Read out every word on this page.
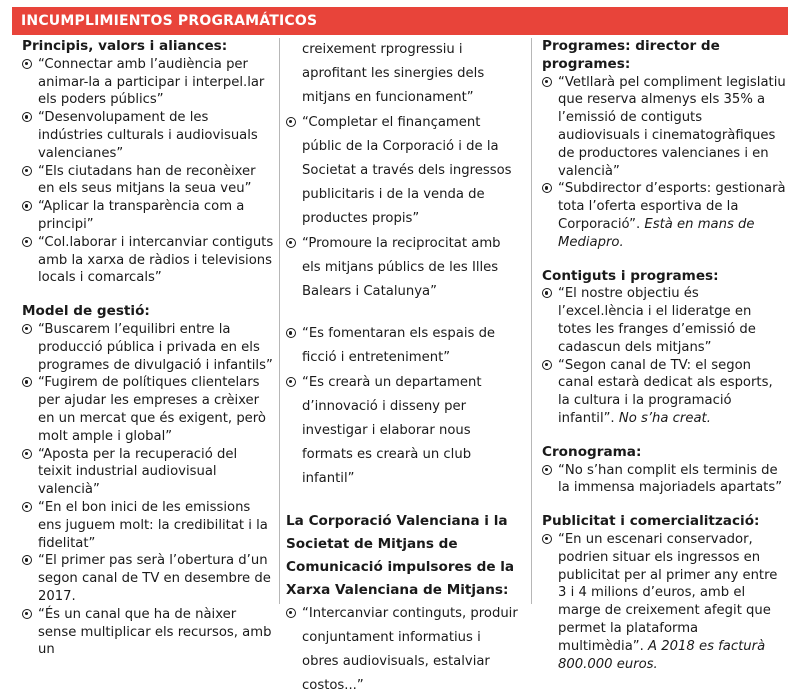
INCUMPLIMIENTOS PROGRAMÁTICOS
Principis, valors i aliances:
“Connectar amb l’audiència per animar-la a participar i interpel.lar els poders públics”
“Desenvolupament de les indústries culturals i audiovisuals valencianes”
“Els ciutadans han de reconèixer en els seus mitjans la seua veu”
“Aplicar la transparència com a principi”
“Col.laborar i intercanviar contiguts amb la xarxa de ràdios i televisions locals i comarcals”
Model de gestió:
“Buscarem l’equilibri entre la producció pública i privada en els programes de divulgació i infantils”
“Fugirem de polítiques clientelars per ajudar les empreses a crèixer en un mercat que és exigent, però molt ample i global”
“Aposta per la recuperació del teixit industrial audiovisual valencià”
“En el bon inici de les emissions ens juguem molt: la credibilitat i la fidelitat”
“El primer pas serà l’obertura d’un segon canal de TV en desembre de 2017.
“És un canal que ha de nàixer sense multiplicar els recursos, amb un
creixement rprogressiu i aprofitant les sinergies dels mitjans en funcionament”
“Completar el finançament públic de la Corporació i de la Societat a través dels ingressos publicitaris i de la venda de productes propis”
“Promoure la reciprocitat amb els mitjans públics de les Illes Balears i Catalunya”
“Es fomentaran els espais de ficció i entreteniment”
“Es crearà un departament d’innovació i disseny per investigar i elaborar nous formats es crearà un club infantil”
La Corporació Valenciana i la Societat de Mitjans de Comunicació impulsores de la Xarxa Valenciana de Mitjans:
“Intercanviar continguts, produir conjuntament informatius i obres audiovisuals, estalviar costos...”
Programes: director de programes:
“Vetllarà pel compliment legislatiu que reserva almenys els 35% a l’emissió de contiguts audiovisuals i cinematogràfiques de productores valencianes i en valencià”
“Subdirector d’esports: gestionarà tota l’oferta esportiva de la Corporació”. Està en mans de Mediapro.
Contiguts i programes:
“El nostre objectiu és l’excel.lència i el lideratge en totes les franges d’emissió de cadascun dels mitjans”
“Segon canal de TV: el segon canal estarà dedicat als esports, la cultura i la programació infantil”. No s’ha creat.
Cronograma:
“No s’han complit els terminis de la immensa majoriadels apartats”
Publicitat i comercialització:
“En un escenari conservador, podrien situar els ingressos en publicitat per al primer any entre 3 i 4 milions d’euros, amb el marge de creixement afegit que permet la plataforma multimèdia”. A 2018 es facturà 800.000 euros.
